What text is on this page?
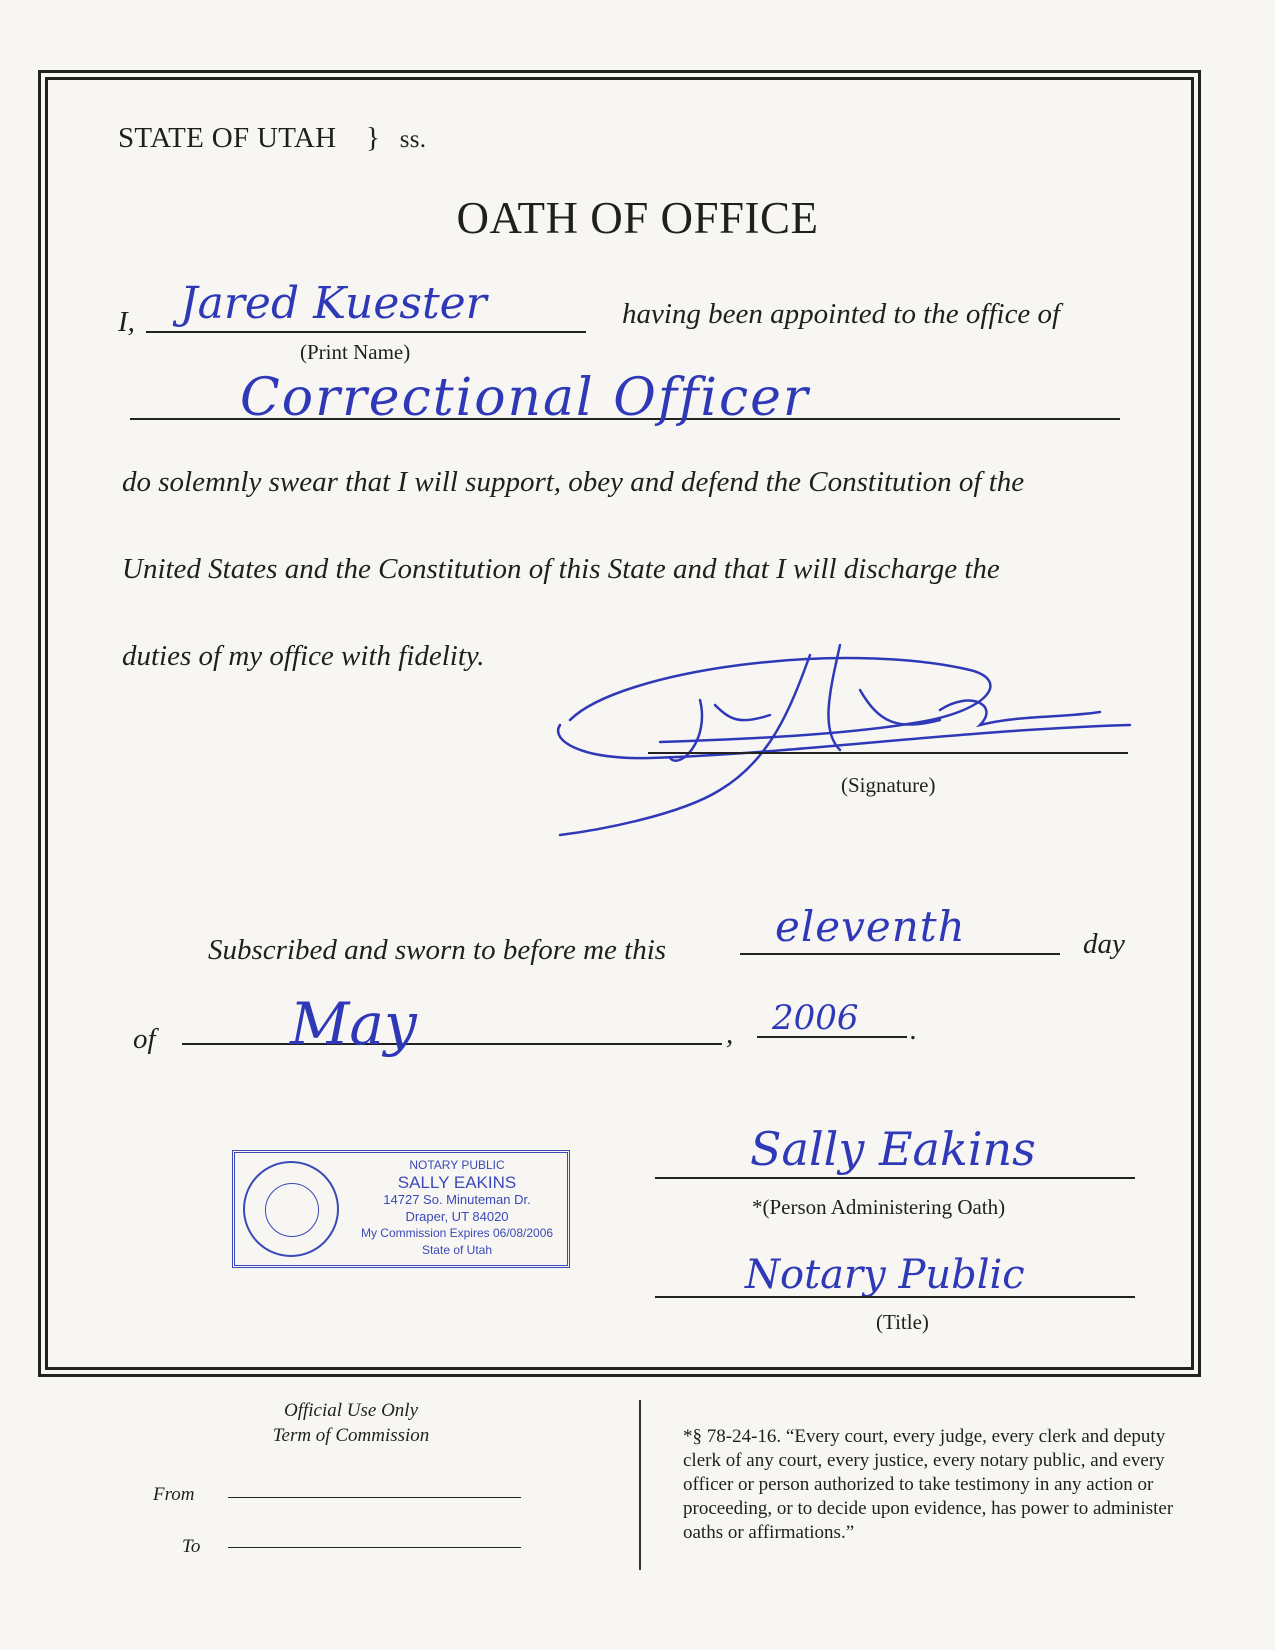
STATE OF UTAH } ss.
OATH OF OFFICE
I, Jared Kuester
(Print Name)
having been appointed to the office of
Correctional Officer
do solemnly swear that I will support, obey and defend the Constitution of the
United States and the Constitution of this State and that I will discharge the
duties of my office with fidelity.
(Signature)
Subscribed and sworn to before me this	eleventh	day
of May	, 2006 .
NOTARY PUBLIC
SALLY EAKINS
14727 So. Minuteman Dr.
Draper, UT 84020
My Commission Expires 06/08/2006
State of Utah
Sally Eakins
*(Person Administering Oath)
Notary Public
(Title)
Official Use Only
Term of Commission
From
To
*§ 78-24-16. “Every court, every judge, every clerk and deputy clerk of any court, every justice, every notary public, and every officer or person authorized to take testimony in any action or proceeding, or to decide upon evidence, has power to administer oaths or affirmations.”
